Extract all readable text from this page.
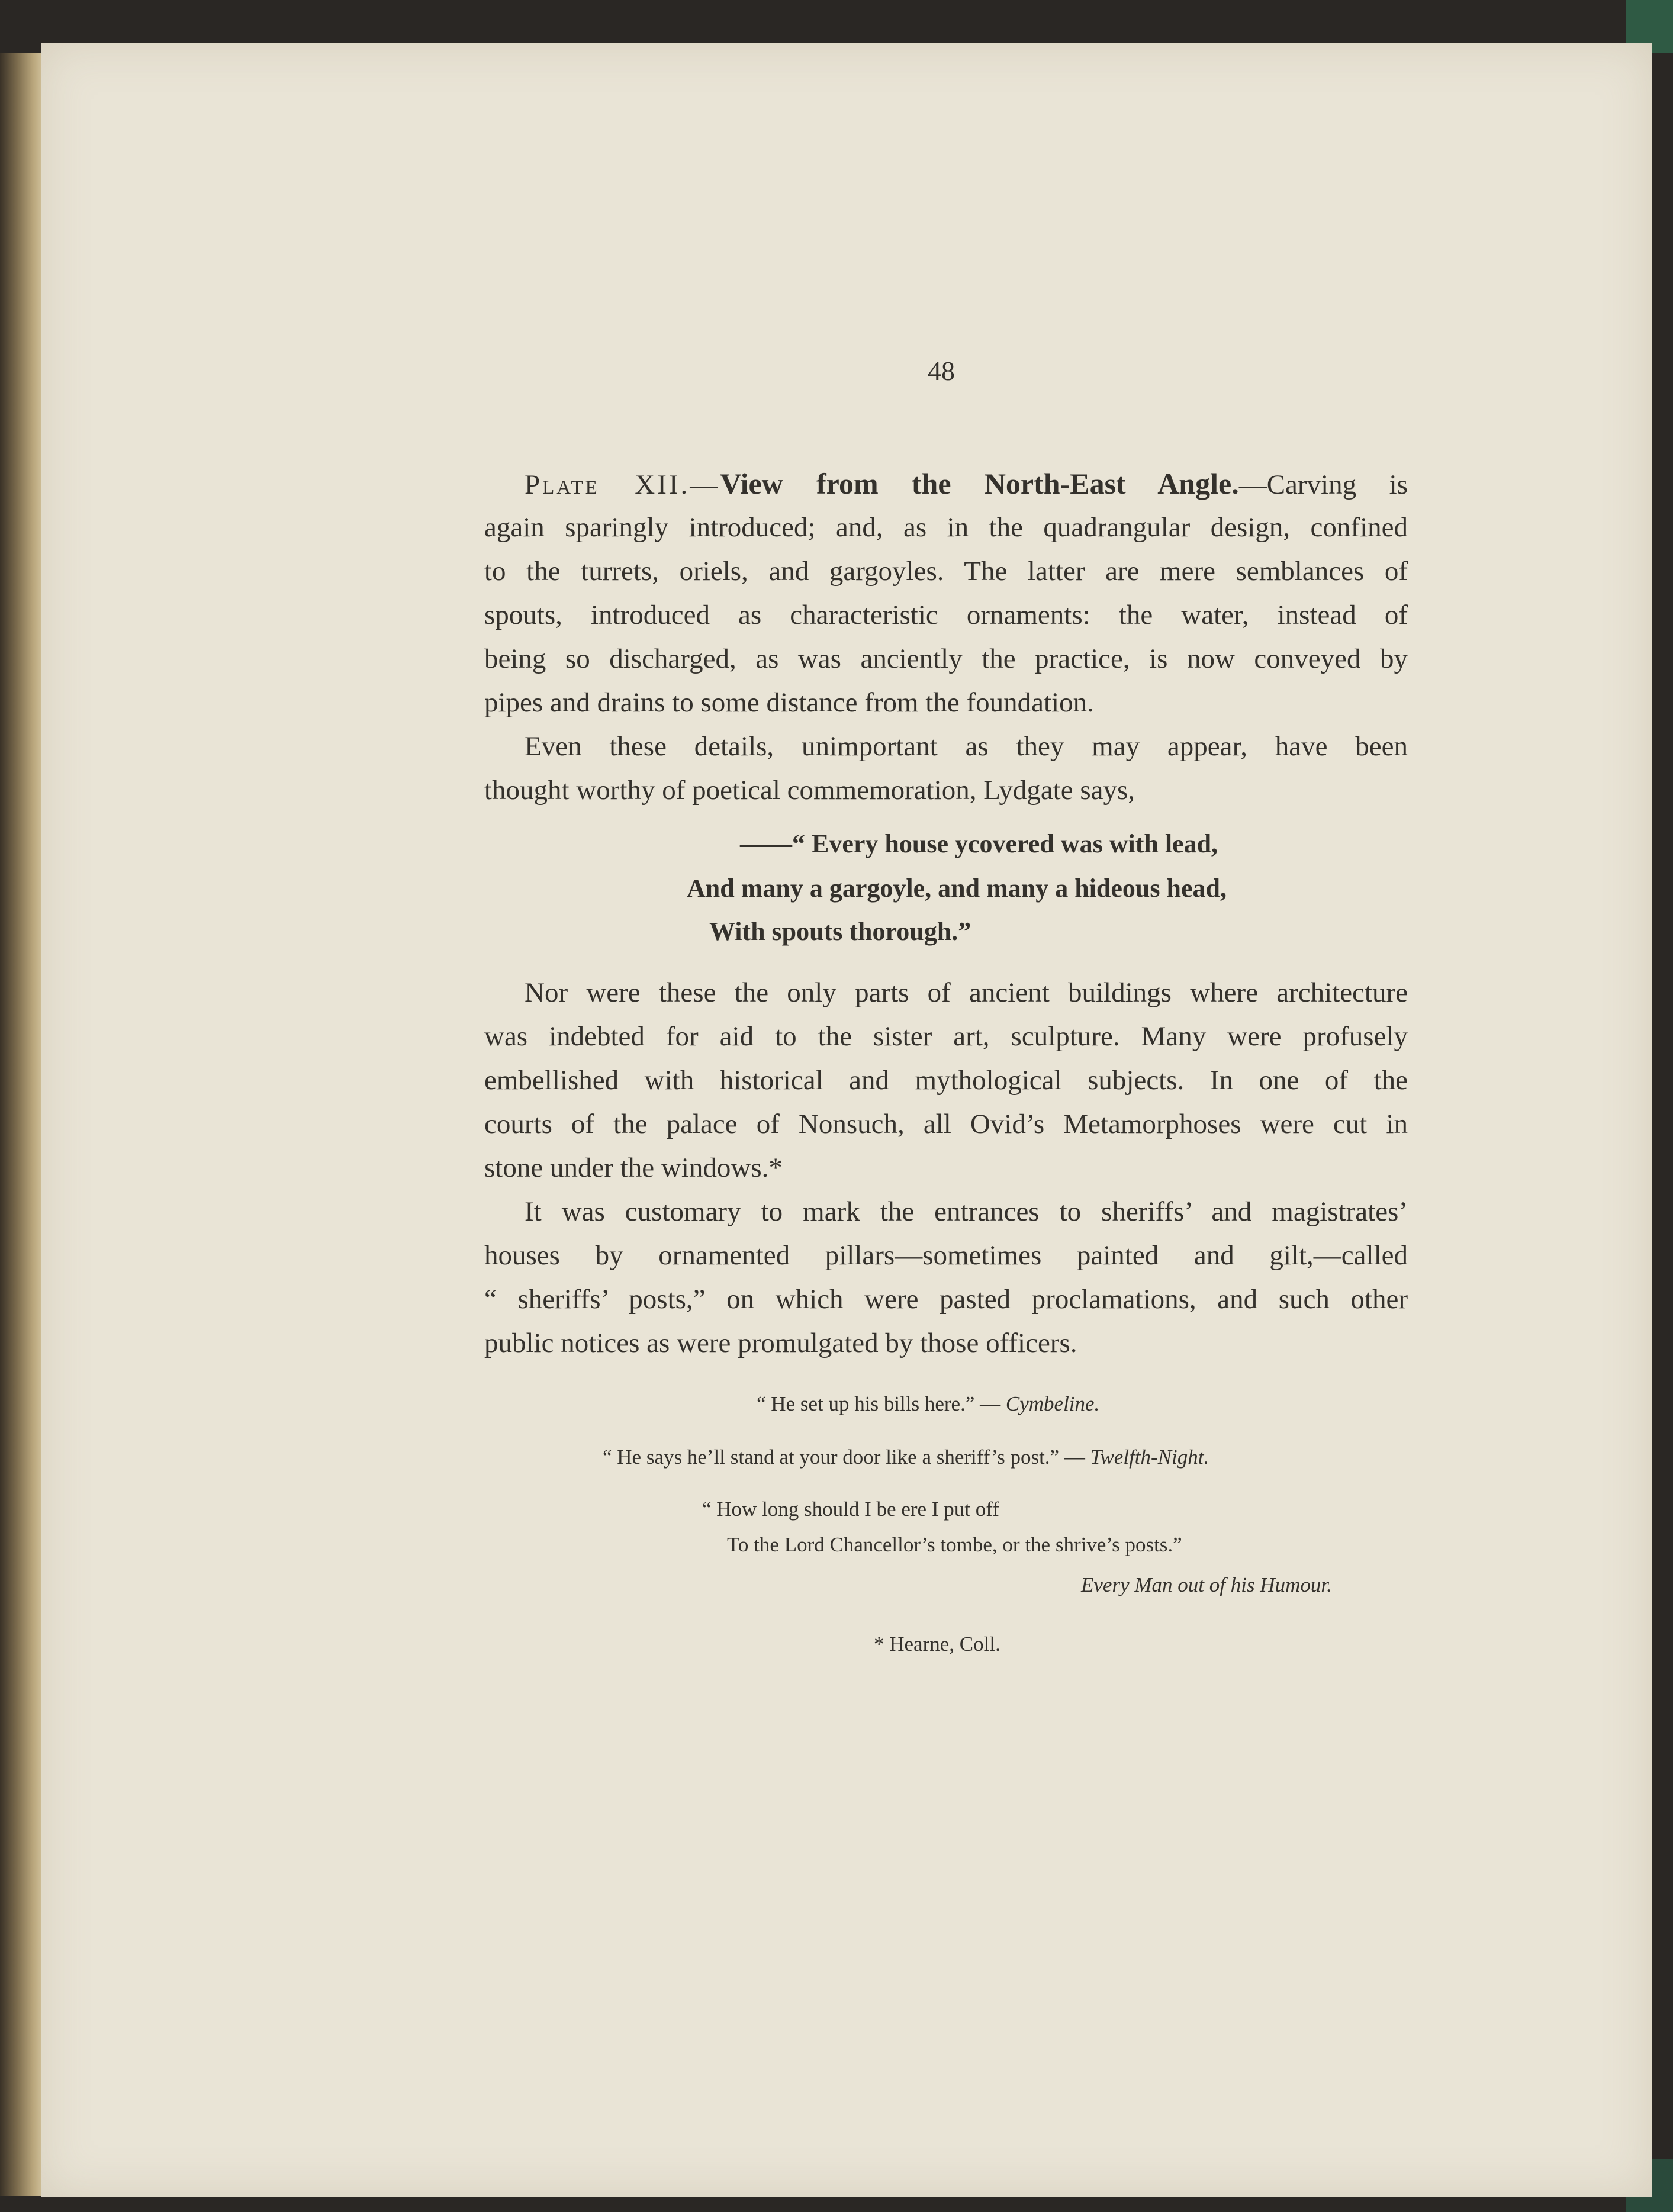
48
Plate XII.—View from the North-East Angle.—Carving is
again sparingly introduced; and, as in the quadrangular design, confined
to the turrets, oriels, and gargoyles. The latter are mere semblances of
spouts, introduced as characteristic ornaments: the water, instead of
being so discharged, as was anciently the practice, is now conveyed by
pipes and drains to some distance from the foundation.
Even these details, unimportant as they may appear, have been
thought worthy of poetical commemoration, Lydgate says,
——“ Every house ycovered was with lead,
And many a gargoyle, and many a hideous head,
With spouts thorough.”
Nor were these the only parts of ancient buildings where architecture
was indebted for aid to the sister art, sculpture. Many were profusely
embellished with historical and mythological subjects. In one of the
courts of the palace of Nonsuch, all Ovid’s Metamorphoses were cut in
stone under the windows.*
It was customary to mark the entrances to sheriffs’ and magistrates’
houses by ornamented pillars—sometimes painted and gilt,—called
“ sheriffs’ posts,” on which were pasted proclamations, and such other
public notices as were promulgated by those officers.
“ He set up his bills here.” — Cymbeline.
“ He says he’ll stand at your door like a sheriff’s post.” — Twelfth-Night.
“ How long should I be ere I put off
To the Lord Chancellor’s tombe, or the shrive’s posts.”
Every Man out of his Humour.
* Hearne, Coll.
